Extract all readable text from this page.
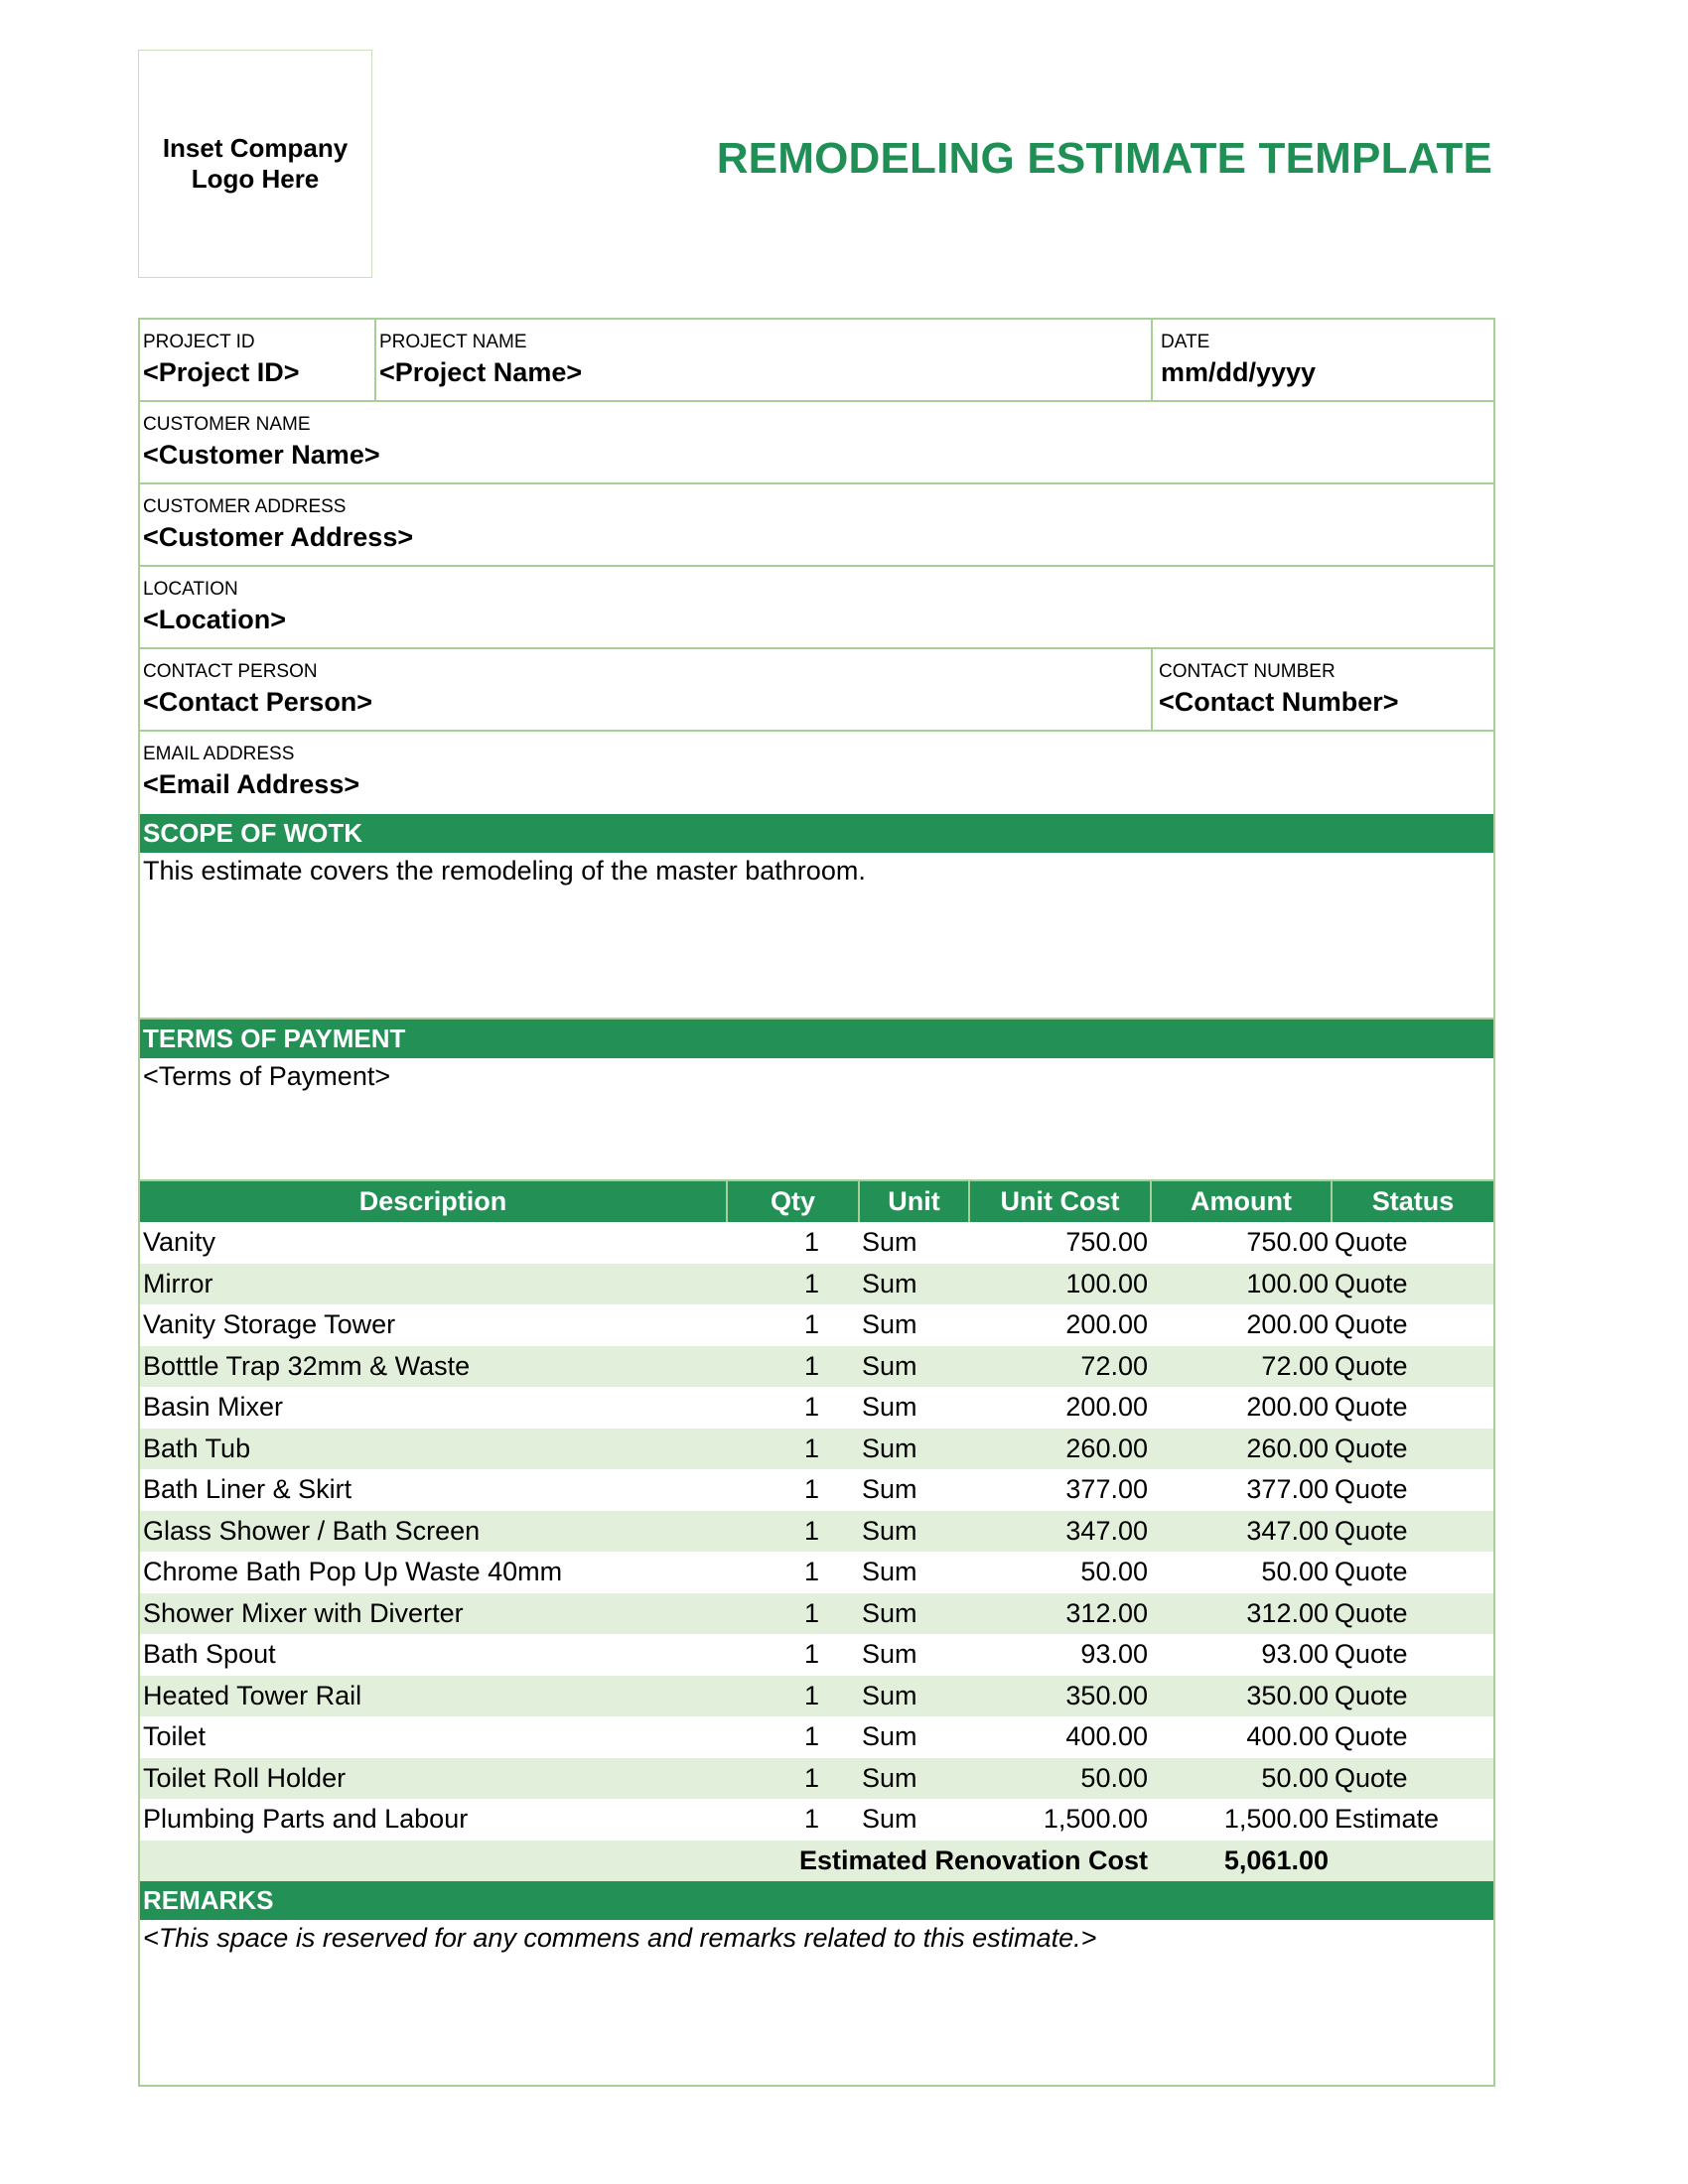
Inset Company
Logo Here	REMODELING ESTIMATE TEMPLATE
PROJECT ID
<Project ID>
PROJECT NAME
<Project Name>
DATE
mm/dd/yyyy
CUSTOMER NAME
<Customer Name>
CUSTOMER ADDRESS
<Customer Address>
LOCATION
<Location>
CONTACT PERSON
<Contact Person>
CONTACT NUMBER
<Contact Number>
EMAIL ADDRESS
<Email Address>
SCOPE OF WOTK
This estimate covers the remodeling of the master bathroom.
TERMS OF PAYMENT
<Terms of Payment>
Description	Qty	Unit	Unit Cost	Amount	Status
Vanity	1	Sum	750.00	750.00	Quote
Mirror	1	Sum	100.00	100.00	Quote
Vanity Storage Tower	1	Sum	200.00	200.00	Quote
Botttle Trap 32mm & Waste	1	Sum	72.00	72.00	Quote
Basin Mixer	1	Sum	200.00	200.00	Quote
Bath Tub	1	Sum	260.00	260.00	Quote
Bath Liner & Skirt	1	Sum	377.00	377.00	Quote
Glass Shower / Bath Screen	1	Sum	347.00	347.00	Quote
Chrome Bath Pop Up Waste 40mm	1	Sum	50.00	50.00	Quote
Shower Mixer with Diverter	1	Sum	312.00	312.00	Quote
Bath Spout	1	Sum	93.00	93.00	Quote
Heated Tower Rail	1	Sum	350.00	350.00	Quote
Toilet	1	Sum	400.00	400.00	Quote
Toilet Roll Holder	1	Sum	50.00	50.00	Quote
Plumbing Parts and Labour	1	Sum	1,500.00	1,500.00	Estimate
Estimated Renovation Cost				5,061.00	
REMARKS
<This space is reserved for any commens and remarks related to this estimate.>
